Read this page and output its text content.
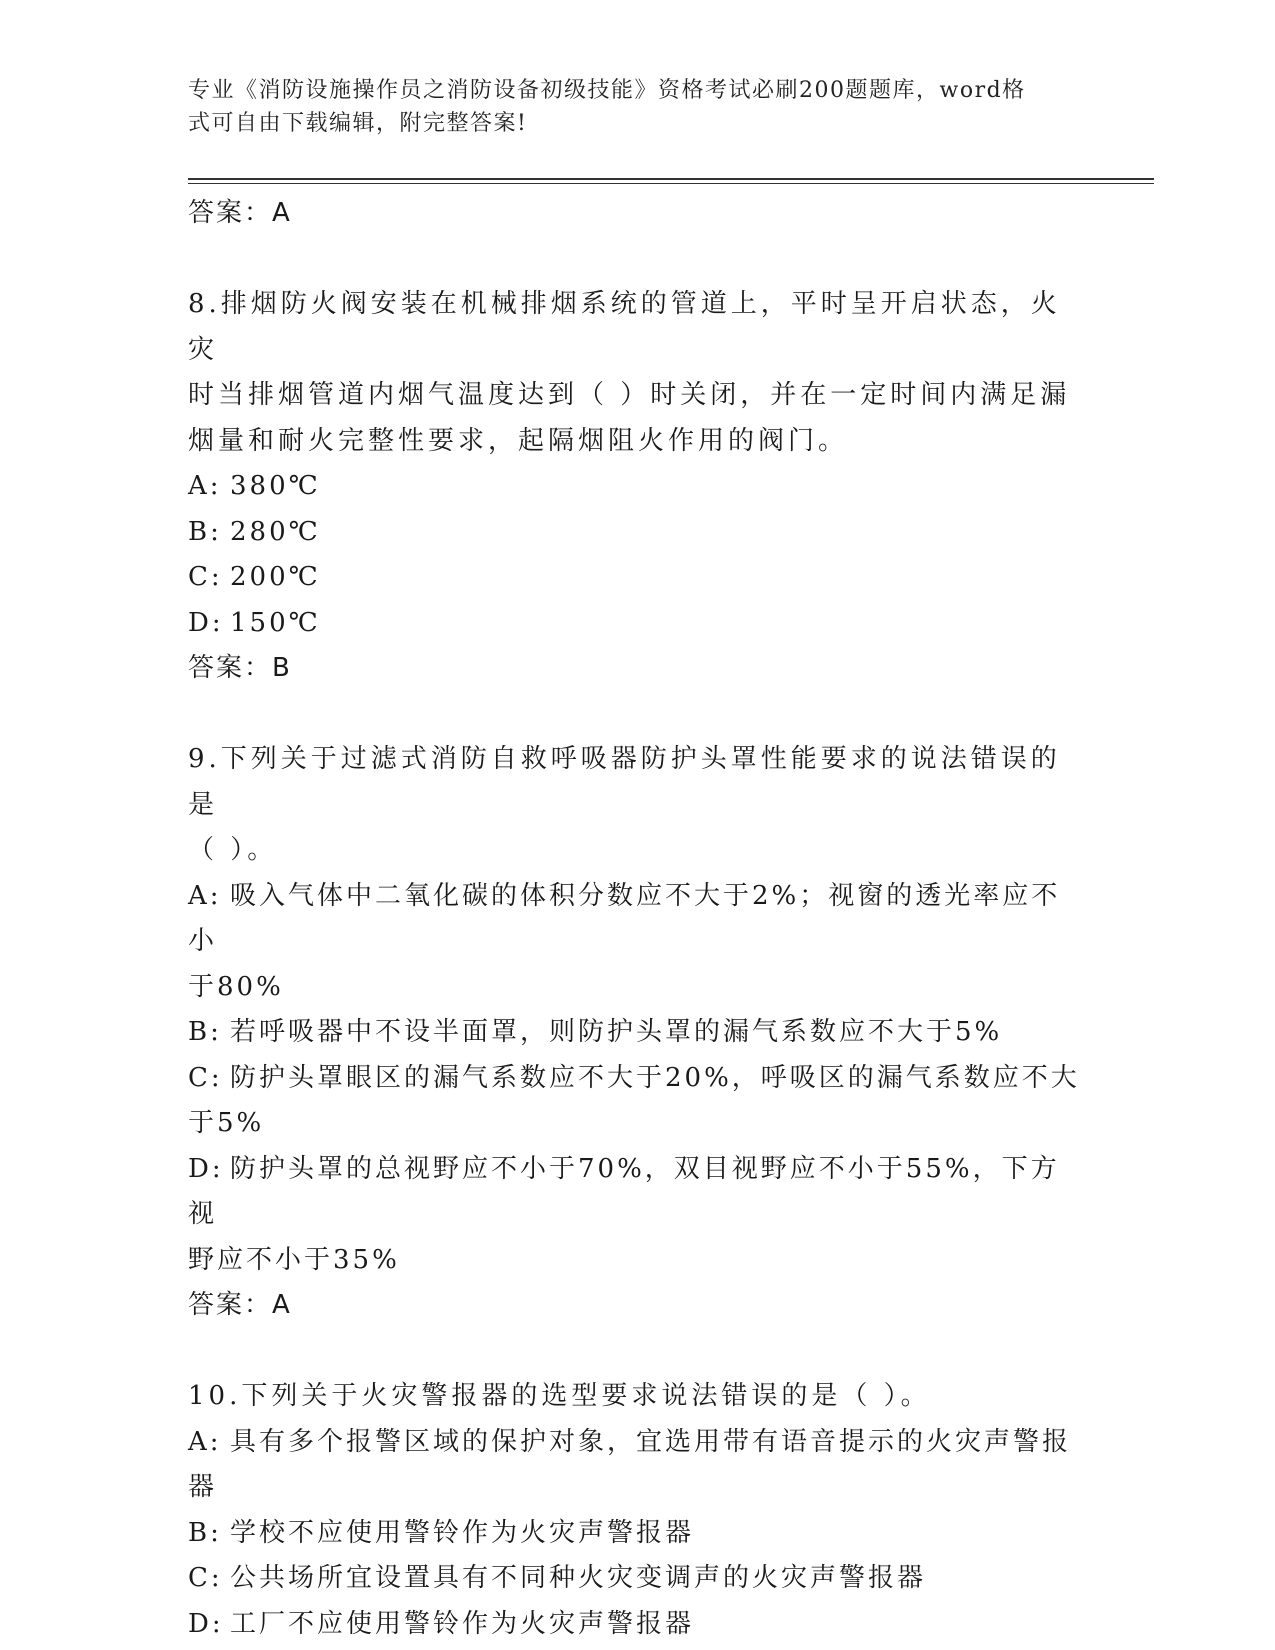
专业《消防设施操作员之消防设备初级技能》资格考试必刷200题题库，word格
式可自由下载编辑，附完整答案!
答案：A
8.排烟防火阀安装在机械排烟系统的管道上，平时呈开启状态，火灾
时当排烟管道内烟气温度达到（ ）时关闭，并在一定时间内满足漏
烟量和耐火完整性要求，起隔烟阻火作用的阀门。
A: 380℃
B: 280℃
C: 200℃
D: 150℃
答案：B
9.下列关于过滤式消防自救呼吸器防护头罩性能要求的说法错误的是
（ ）。
A: 吸入气体中二氧化碳的体积分数应不大于2%；视窗的透光率应不小
于80%
B: 若呼吸器中不设半面罩，则防护头罩的漏气系数应不大于5%
C: 防护头罩眼区的漏气系数应不大于20%，呼吸区的漏气系数应不大
于5%
D: 防护头罩的总视野应不小于70%，双目视野应不小于55%，下方视
野应不小于35%
答案：A
10.下列关于火灾警报器的选型要求说法错误的是（ ）。
A: 具有多个报警区域的保护对象，宜选用带有语音提示的火灾声警报
器
B: 学校不应使用警铃作为火灾声警报器
C: 公共场所宜设置具有不同种火灾变调声的火灾声警报器
D: 工厂不应使用警铃作为火灾声警报器
